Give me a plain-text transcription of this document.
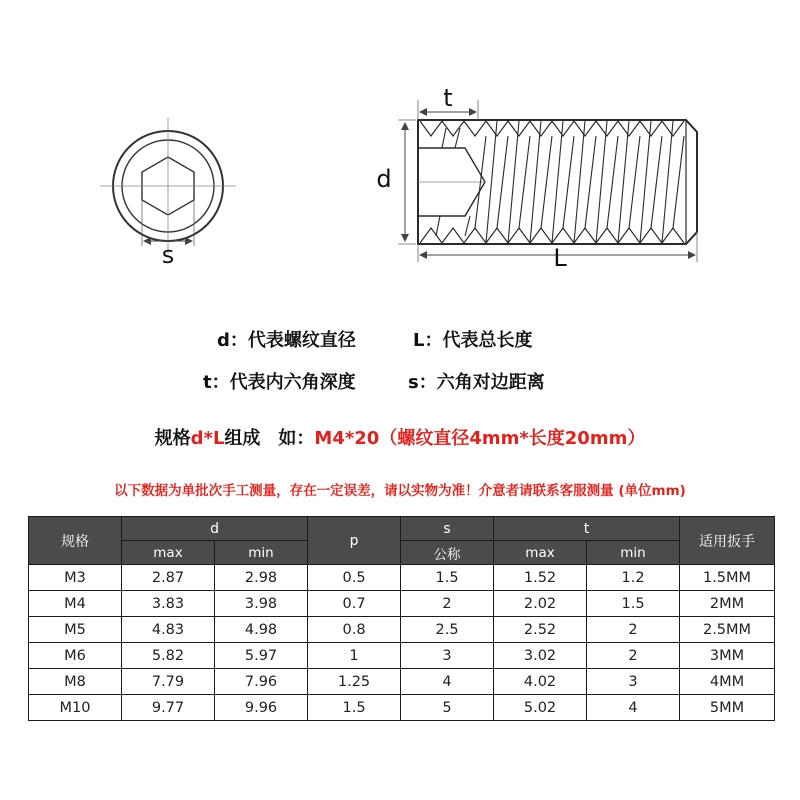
s
t
d
L
d：代表螺纹直径	L：代表总长度
t：代表内六角深度	s：六角对边距离
规格d*L组成　如：M4*20（螺纹直径4mm*长度20mm）
以下数据为单批次手工测量，存在一定误差，请以实物为准！介意者请联系客服测量 (单位mm)
规格	d		p	s	t		适用扳手
	max	min		公称	max	min	
M3	2.87	2.98	0.5	1.5	1.52	1.2	1.5MM
M4	3.83	3.98	0.7	2	2.02	1.5	2MM
M5	4.83	4.98	0.8	2.5	2.52	2	2.5MM
M6	5.82	5.97	1	3	3.02	2	3MM
M8	7.79	7.96	1.25	4	4.02	3	4MM
M10	9.77	9.96	1.5	5	5.02	4	5MM
